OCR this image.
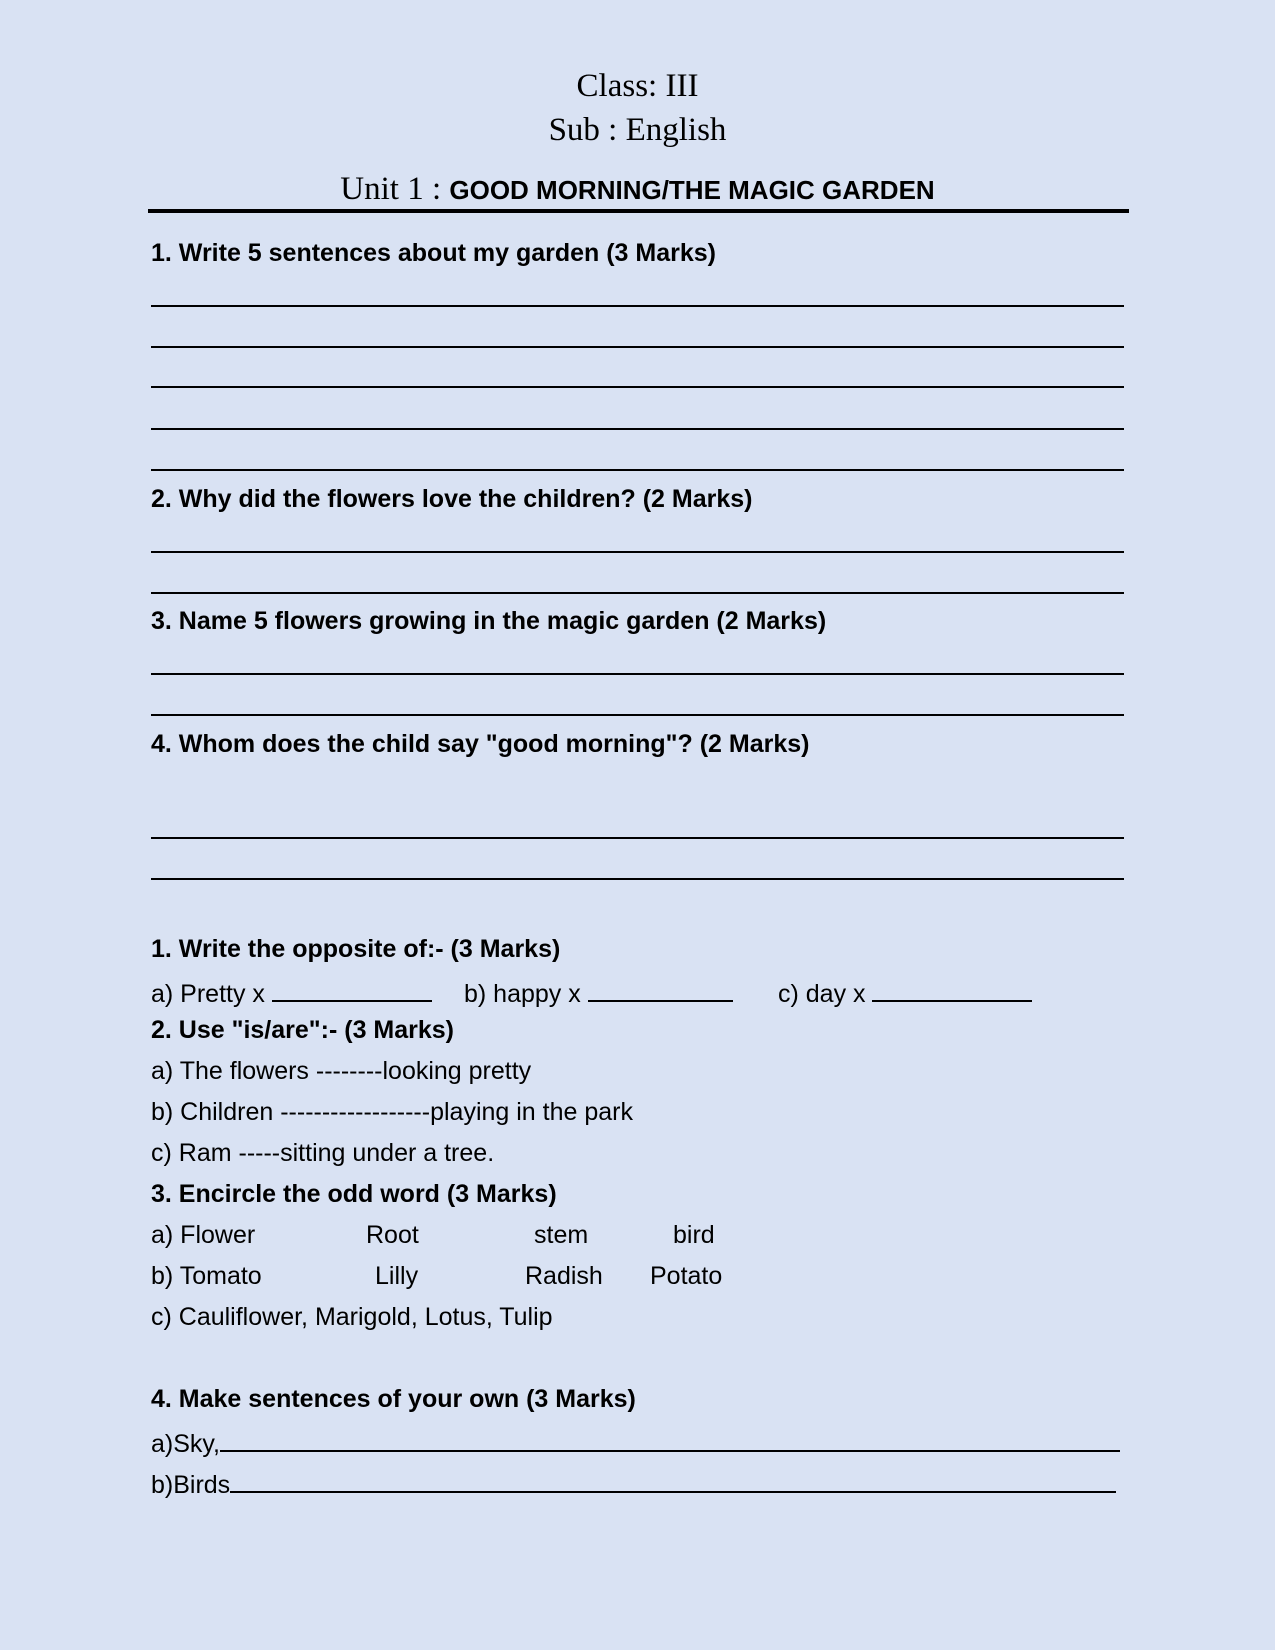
Class: III
Sub : English
Unit 1 : GOOD MORNING/THE MAGIC GARDEN
1. Write 5 sentences about my garden (3 Marks)
2. Why did the flowers love the children? (2 Marks)
3. Name 5 flowers growing in the magic garden (2 Marks)
4. Whom does the child say "good morning"? (2 Marks)
1. Write the opposite of:- (3 Marks)
a) Pretty x	b) happy x	c) day x
2. Use "is/are":- (3 Marks)
a) The flowers --------looking pretty
b) Children ------------------playing in the park
c) Ram -----sitting under a tree.
3. Encircle the odd word (3 Marks)
a) Flower	Root	stem	bird
b) Tomato	Lilly	Radish Potato
c) Cauliflower, Marigold, Lotus, Tulip
4. Make sentences of your own (3 Marks)
a)Sky,
b)Birds
